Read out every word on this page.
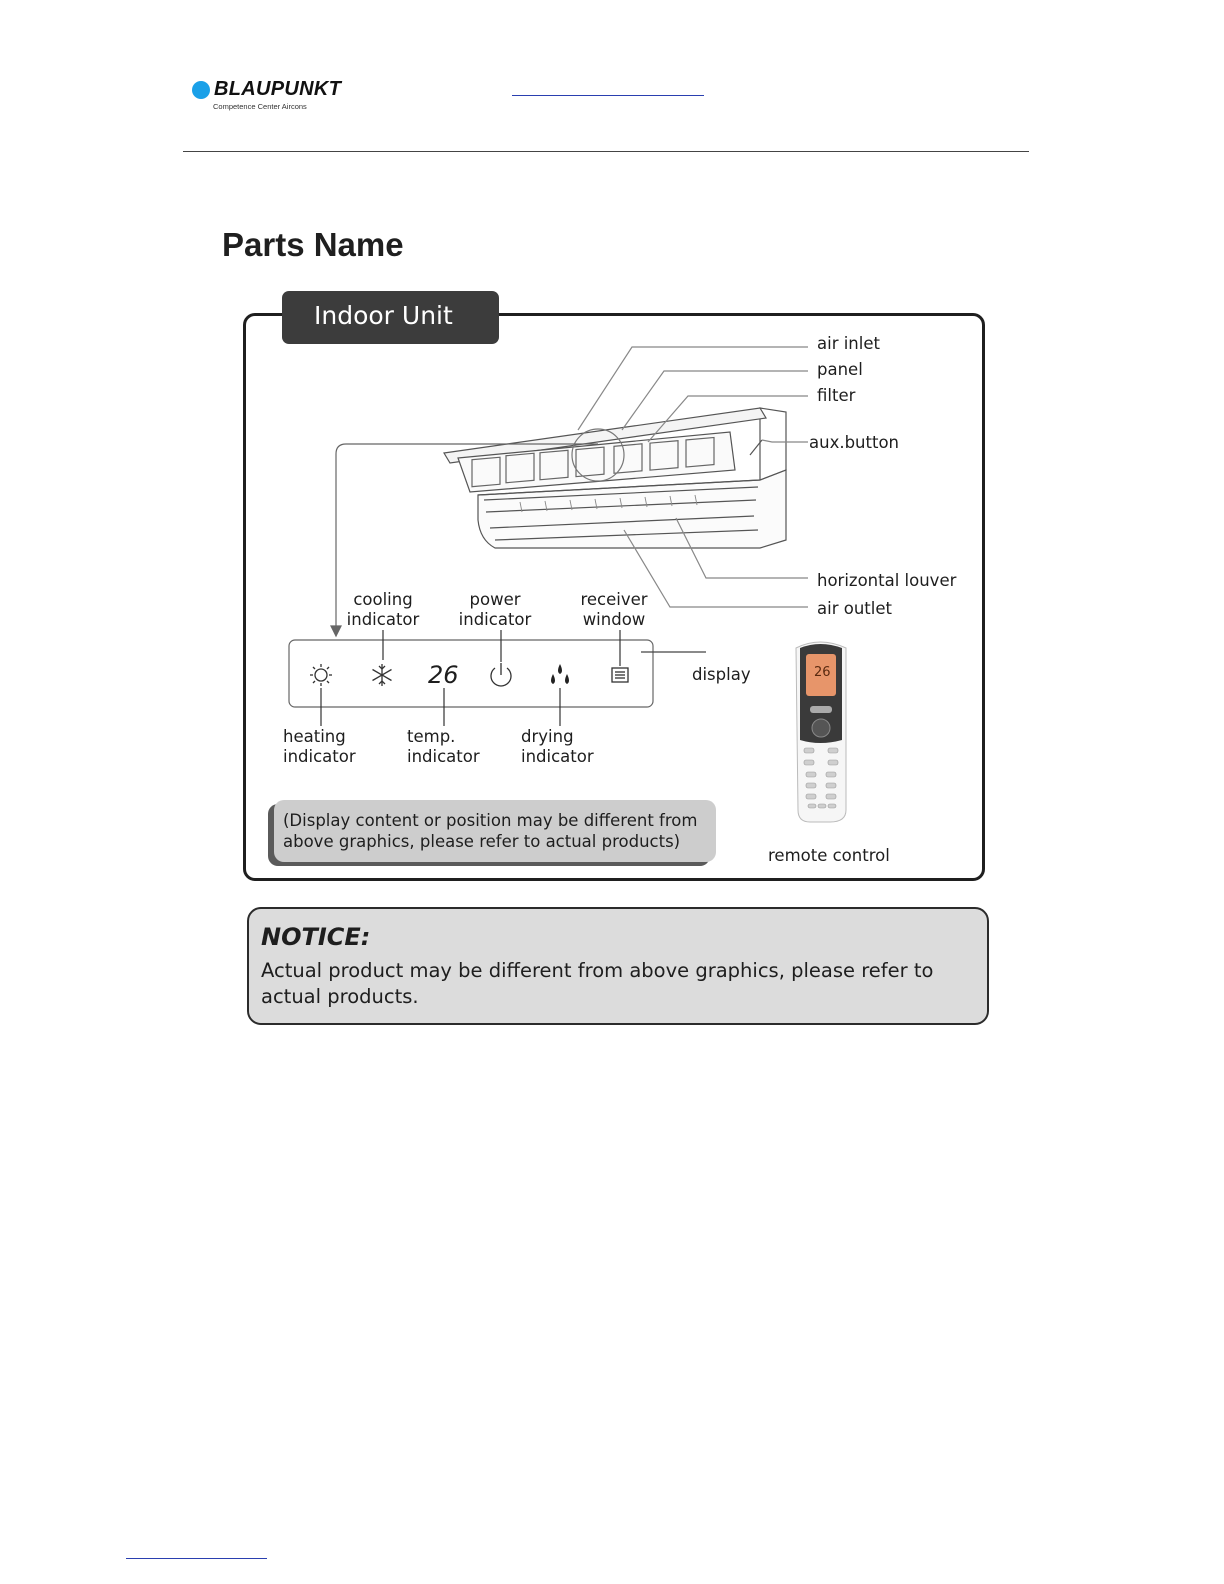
BLAUPUNKT
Competence Center Aircons
Parts Name
Indoor Unit
26	26
air inlet
panel
filter
aux.button
horizontal louver
air outlet
cooling
indicator
power
indicator
receiver
window
display
heating
indicator
temp.
indicator
drying
indicator
remote control
(Display content or position may be different from above graphics, please refer to actual products)
NOTICE:
Actual product may be different from above graphics, please refer to actual products.
